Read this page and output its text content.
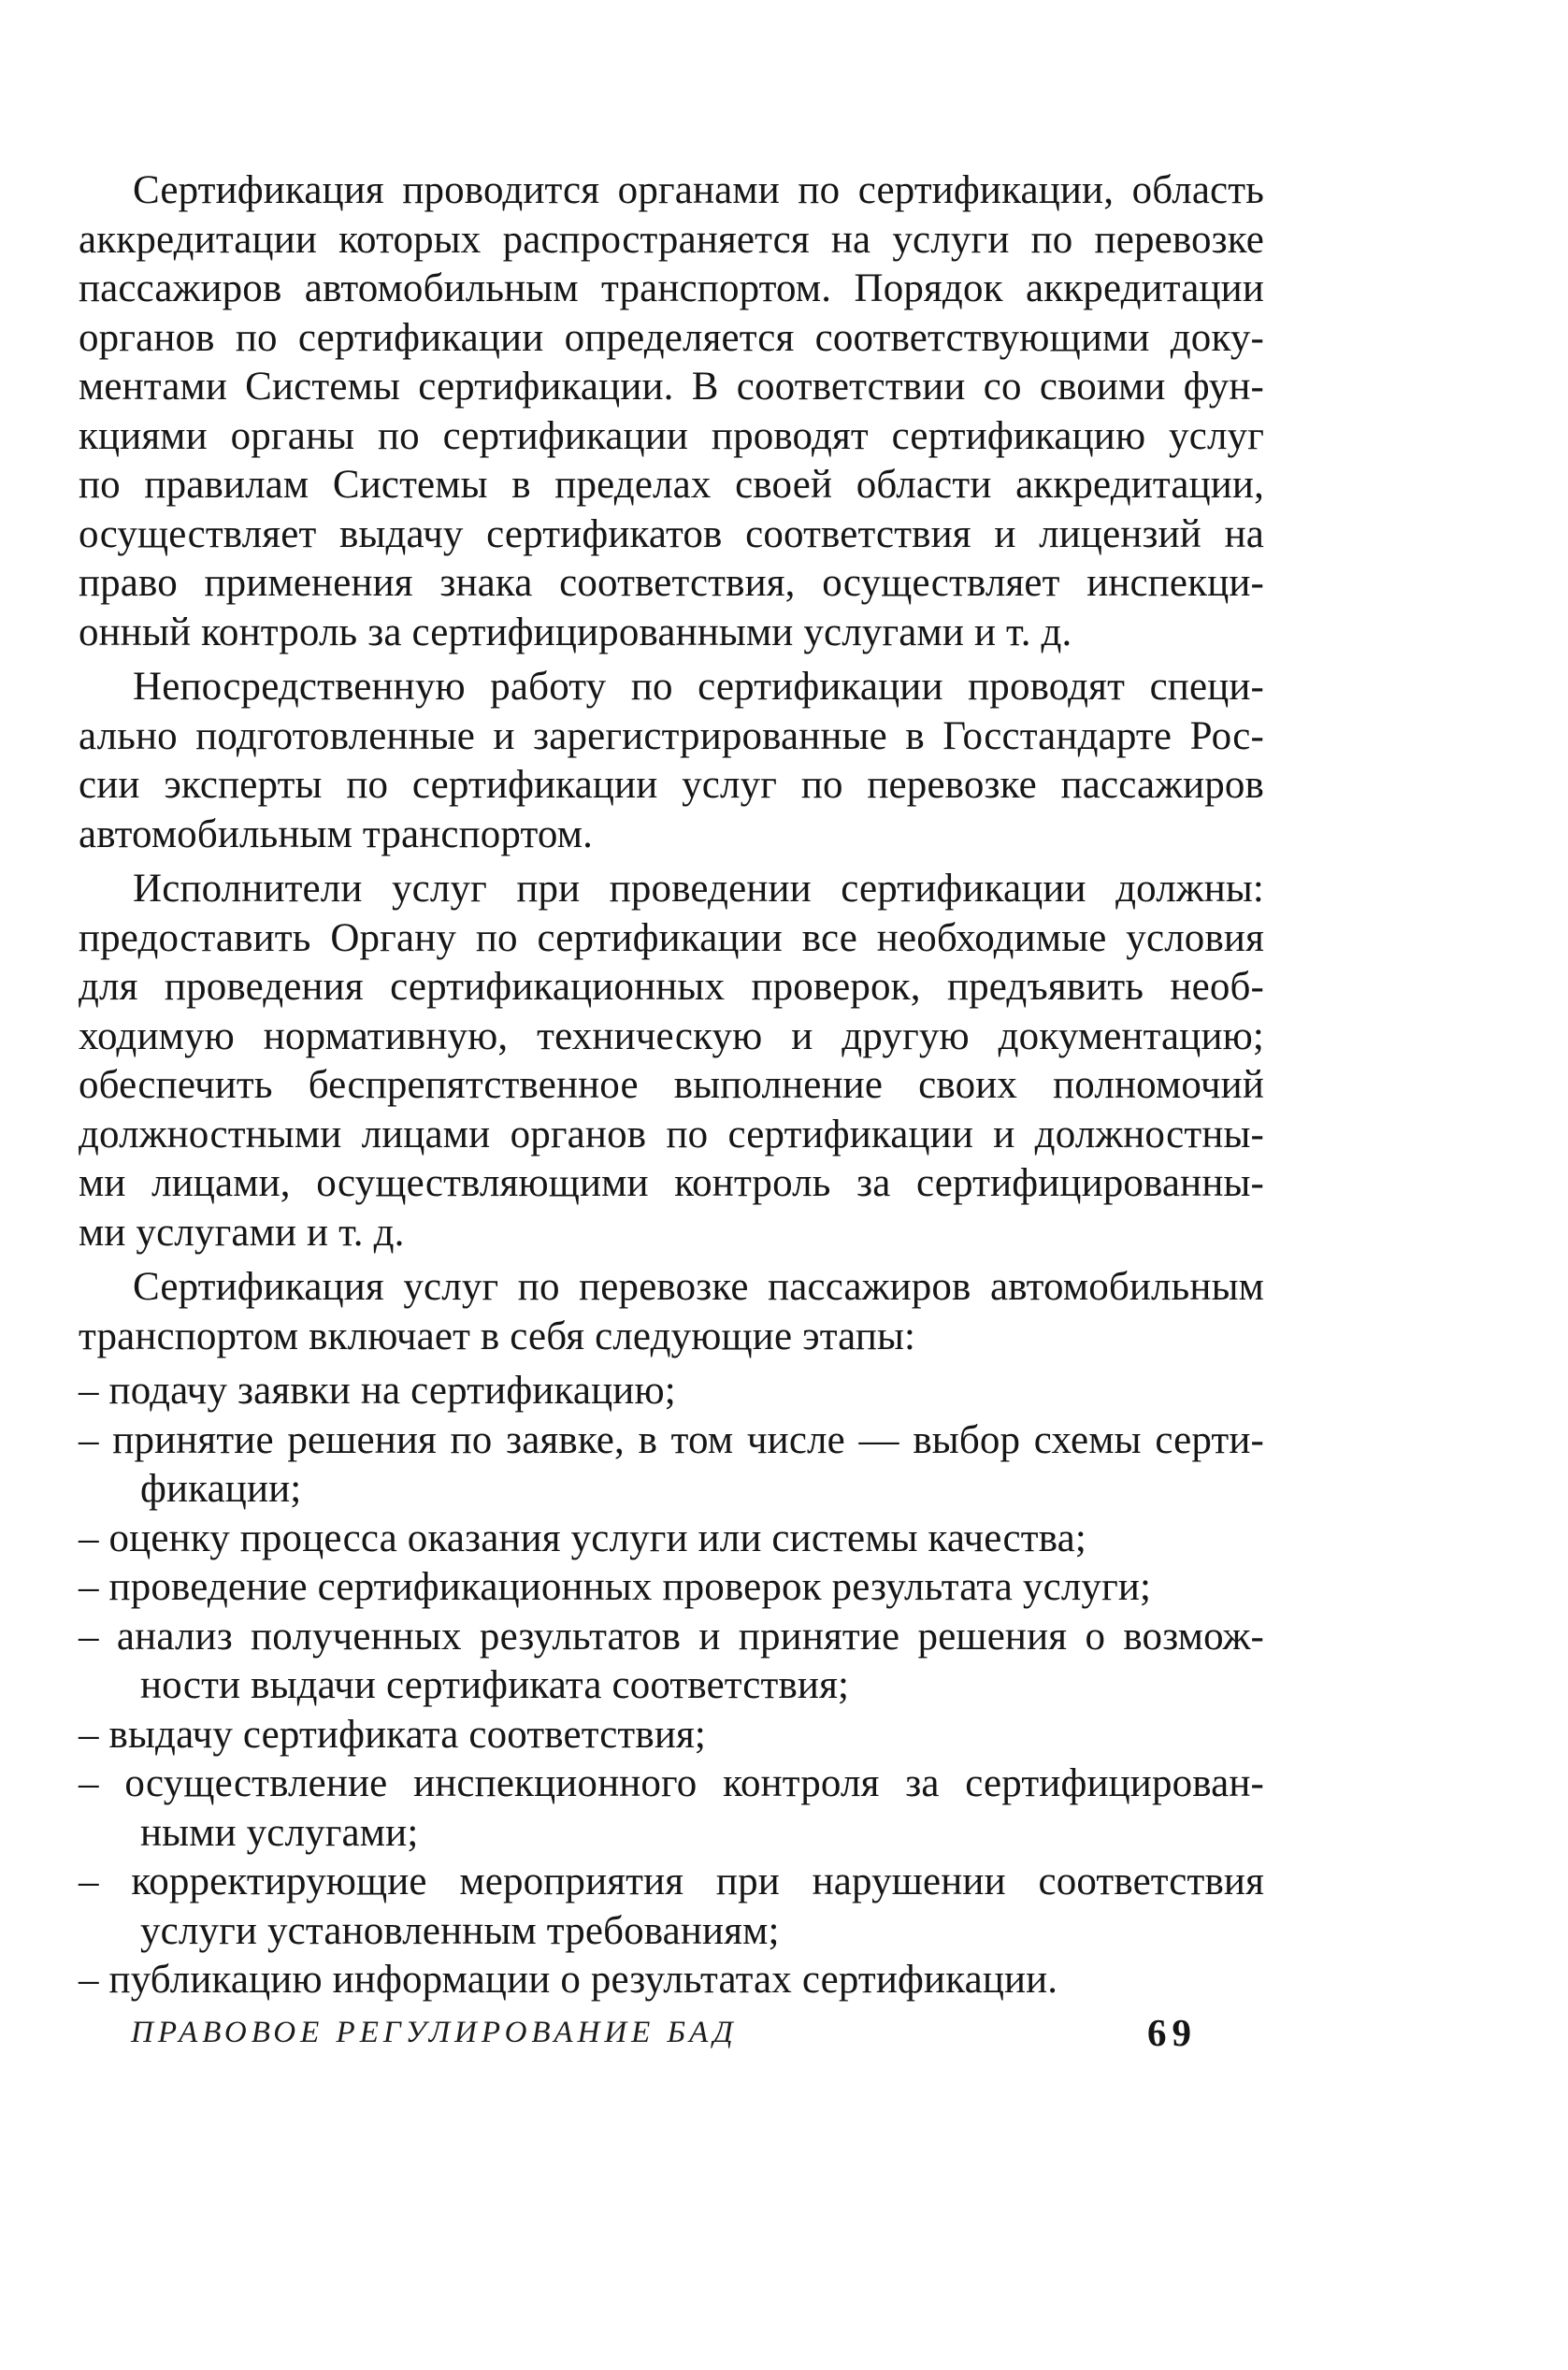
Сертификация проводится органами по сертификации, область
аккредитации которых распространяется на услуги по перевозке
пассажиров автомобильным транспортом. Порядок аккредитации
органов по сертификации определяется соответствующими доку-
ментами Системы сертификации. В соответствии со своими фун-
кциями органы по сертификации проводят сертификацию услуг
по правилам Системы в пределах своей области аккредитации,
осуществляет выдачу сертификатов соответствия и лицензий на
право применения знака соответствия, осуществляет инспекци-
онный контроль за сертифицированными услугами и т. д.
Непосредственную работу по сертификации проводят специ-
ально подготовленные и зарегистрированные в Госстандарте Рос-
сии эксперты по сертификации услуг по перевозке пассажиров
автомобильным транспортом.
Исполнители услуг при проведении сертификации должны:
предоставить Органу по сертификации все необходимые условия
для проведения сертификационных проверок, предъявить необ-
ходимую нормативную, техническую и другую документацию;
обеспечить беспрепятственное выполнение своих полномочий
должностными лицами органов по сертификации и должностны-
ми лицами, осуществляющими контроль за сертифицированны-
ми услугами и т. д.
Сертификация услуг по перевозке пассажиров автомобильным
транспортом включает в себя следующие этапы:
– подачу заявки на сертификацию;
– принятие решения по заявке, в том числе — выбор схемы серти-
фикации;
– оценку процесса оказания услуги или системы качества;
– проведение сертификационных проверок результата услуги;
– анализ полученных результатов и принятие решения о возмож-
ности выдачи сертификата соответствия;
– выдачу сертификата соответствия;
– осуществление инспекционного контроля за сертифицирован-
ными услугами;
– корректирующие мероприятия при нарушении соответствия
услуги установленным требованиям;
– публикацию информации о результатах сертификации.
ПРАВОВОЕ РЕГУЛИРОВАНИЕ БАД	69
